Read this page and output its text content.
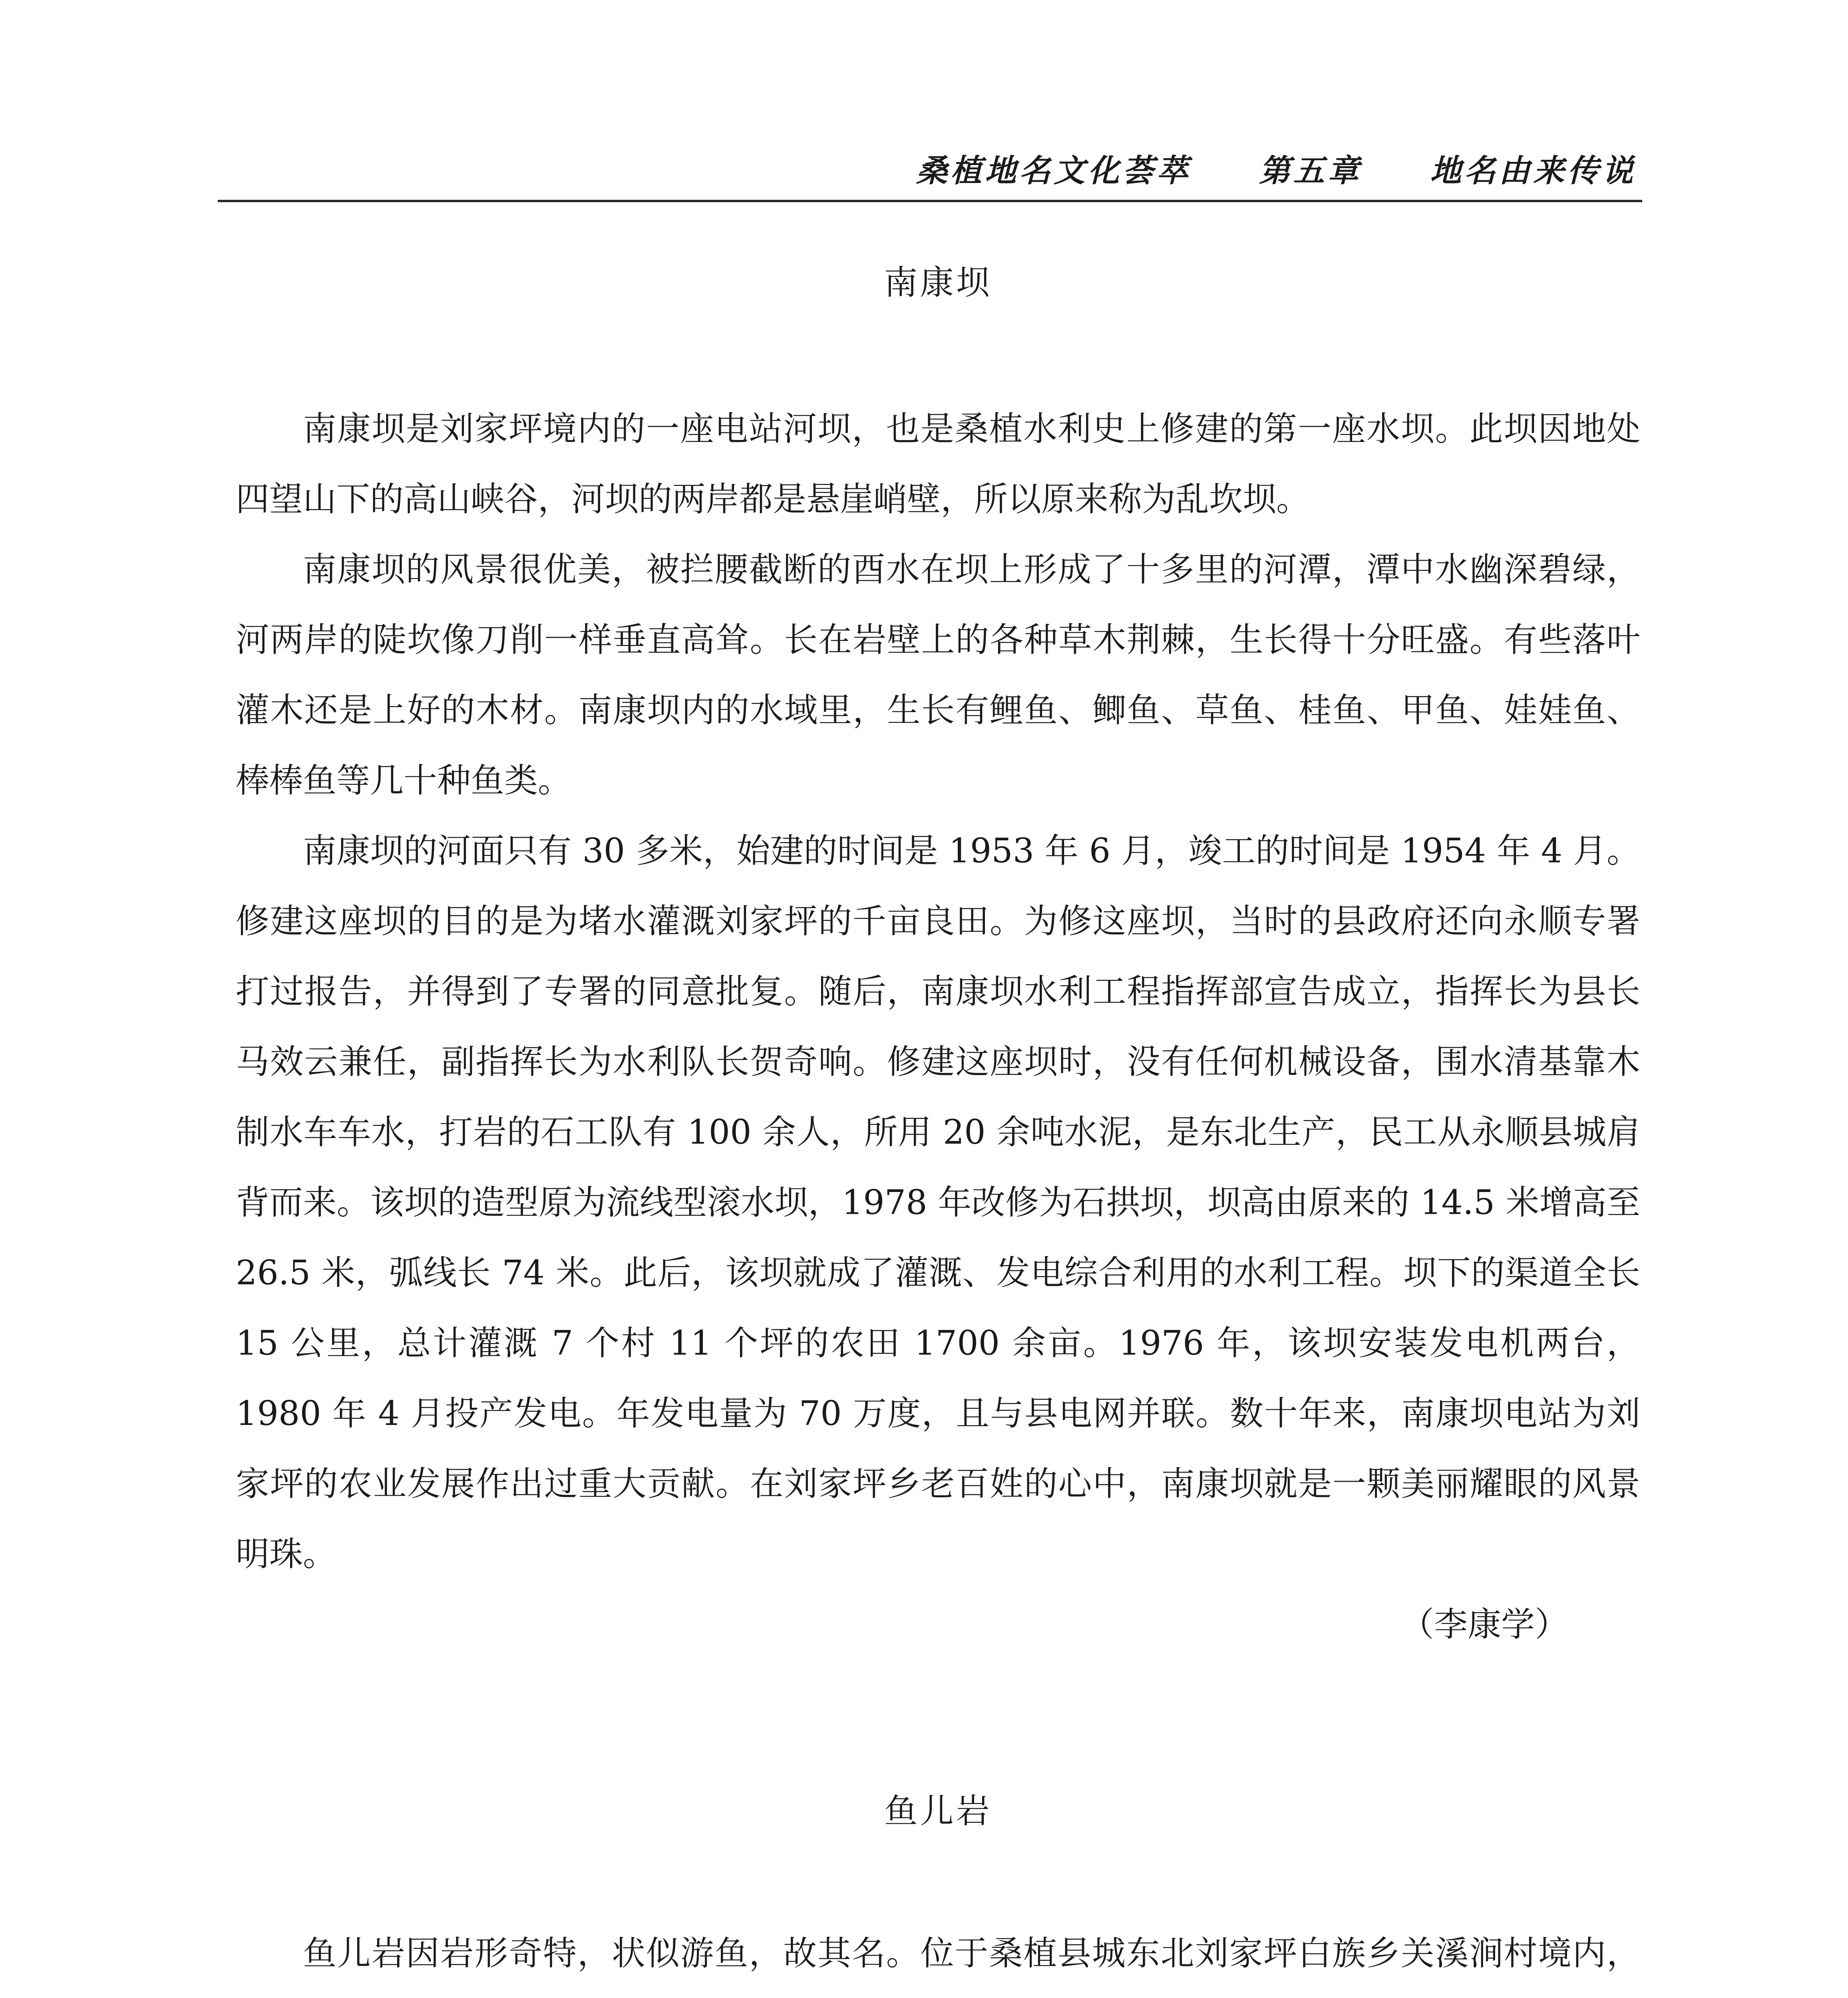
桑植地名文化荟萃 第五章 地名由来传说
南康坝

南康坝是刘家坪境内的一座电站河坝，也是桑植水利史上修建的第一座水坝。此坝因地处四望山下的高山峡谷，河坝的两岸都是悬崖峭壁，所以原来称为乱坎坝。

南康坝的风景很优美，被拦腰截断的酉水在坝上形成了十多里的河潭，潭中水幽深碧绿，河两岸的陡坎像刀削一样垂直高耸。长在岩壁上的各种草木荆棘，生长得十分旺盛。有些落叶灌木还是上好的木材。南康坝内的水域里，生长有鲤鱼、鲫鱼、草鱼、桂鱼、甲鱼、娃娃鱼、棒棒鱼等几十种鱼类。

南康坝的河面只有 30 多米，始建的时间是 1953 年 6 月，竣工的时间是 1954 年 4 月。修建这座坝的目的是为堵水灌溉刘家坪的千亩良田。为修这座坝，当时的县政府还向永顺专署打过报告，并得到了专署的同意批复。随后，南康坝水利工程指挥部宣告成立，指挥长为县长马效云兼任，副指挥长为水利队长贺奇响。修建这座坝时，没有任何机械设备，围水清基靠木制水车车水，打岩的石工队有 100 余人，所用 20 余吨水泥，是东北生产，民工从永顺县城肩背而来。该坝的造型原为流线型滚水坝，1978 年改修为石拱坝，坝高由原来的 14.5 米增高至 26.5 米，弧线长 74 米。此后，该坝就成了灌溉、发电综合利用的水利工程。坝下的渠道全长 15 公里，总计灌溉 7 个村 11 个坪的农田 1700 余亩。1976 年，该坝安装发电机两台，1980 年 4 月投产发电。年发电量为 70 万度，且与县电网并联。数十年来，南康坝电站为刘家坪的农业发展作出过重大贡献。在刘家坪乡老百姓的心中，南康坝就是一颗美丽耀眼的风景明珠。

（李康学）
鱼儿岩

鱼儿岩因岩形奇特，状似游鱼，故其名。位于桑植县城东北刘家坪白族乡关溪涧村境内，
